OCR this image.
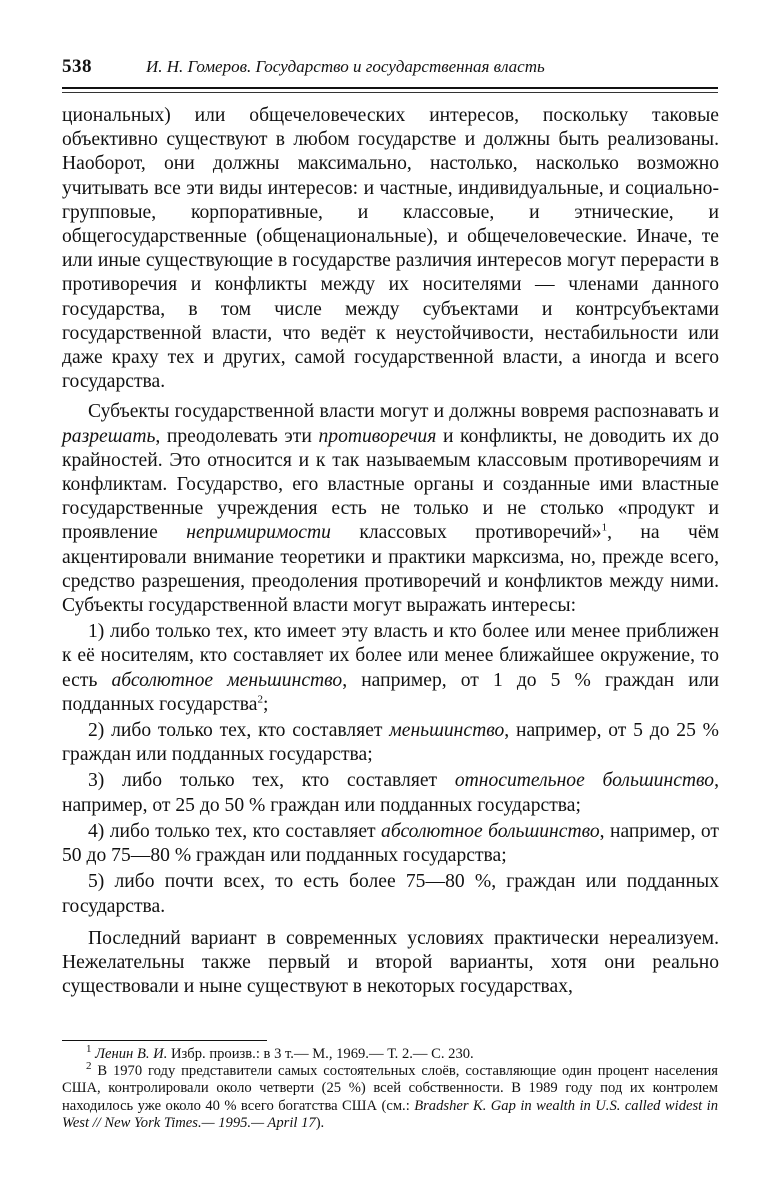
538	И. Н. Гомеров. Государство и государственная власть

циональных) или общечеловеческих интересов, поскольку таковые объективно существуют в любом государстве и должны быть реализованы. Наоборот, они должны максимально, настолько, насколько возможно учитывать все эти виды интересов: и частные, индивидуальные, и социально-групповые, корпоративные, и классовые, и этнические, и общегосударственные (общенациональные), и общечеловеческие. Иначе, те или иные существующие в государстве различия интересов могут перерасти в противоречия и конфликты между их носителями — членами данного государства, в том числе между субъектами и контрсубъектами государственной власти, что ведёт к неустойчивости, нестабильности или даже краху тех и других, самой государственной власти, а иногда и всего государства.

Субъекты государственной власти могут и должны вовремя распознавать и разрешать, преодолевать эти противоречия и конфликты, не доводить их до крайностей. Это относится и к так называемым классовым противоречиям и конфликтам. Государство, его властные органы и созданные ими властные государственные учреждения есть не только и не столько «продукт и проявление непримиримости классовых противоречий»$^1$, на чём акцентировали внимание теоретики и практики марксизма, но, прежде всего, средство разрешения, преодоления противоречий и конфликтов между ними. Субъекты государственной власти могут выражать интересы:

1) либо только тех, кто имеет эту власть и кто более или менее приближен к её носителям, кто составляет их более или менее ближайшее окружение, то есть абсолютное меньшинство, например, от 1 до 5 % граждан или подданных государства$^2$;

2) либо только тех, кто составляет меньшинство, например, от 5 до 25 % граждан или подданных государства;

3) либо только тех, кто составляет относительное большинство, например, от 25 до 50 % граждан или подданных государства;

4) либо только тех, кто составляет абсолютное большинство, например, от 50 до 75—80 % граждан или подданных государства;

5) либо почти всех, то есть более 75—80 %, граждан или подданных государства.

Последний вариант в современных условиях практически нереализуем. Нежелательны также первый и второй варианты, хотя они реально существовали и ныне существуют в некоторых государствах,

$^1$ Ленин В. И. Избр. произв.: в 3 т.— М., 1969.— Т. 2.— С. 230.

$^2$ В 1970 году представители самых состоятельных слоёв, составляющие один процент населения США, контролировали около четверти (25 %) всей собственности. В 1989 году под их контролем находилось уже около 40 % всего богатства США (см.: Bradsher K. Gap in wealth in U.S. called widest in West // New York Times.— 1995.— April 17).
